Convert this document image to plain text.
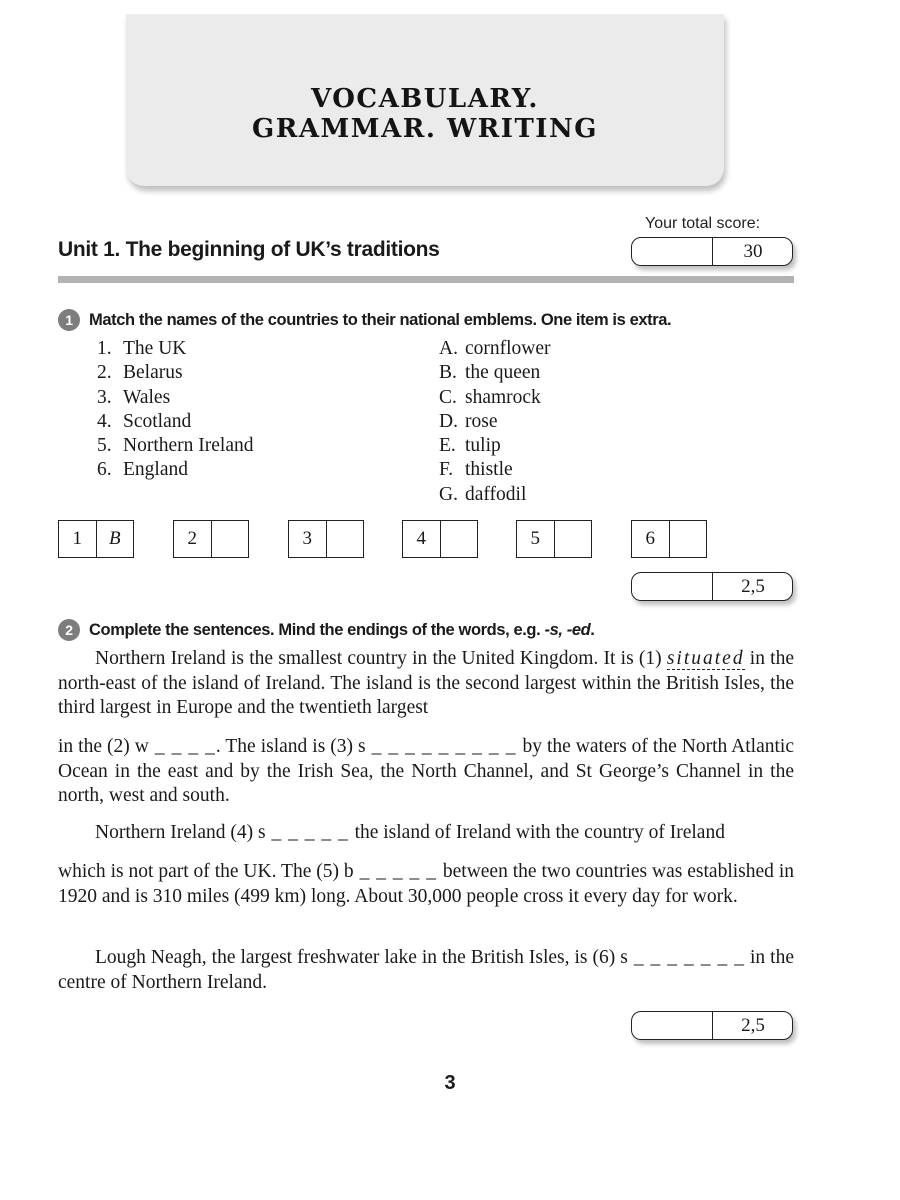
VOCABULARY.
GRAMMAR. WRITING
Unit 1. The beginning of UK’s traditions
Your total score:
30
1 Match the names of the countries to their national emblems. One item is extra.
1. The UK
2. Belarus
3. Wales
4. Scotland
5. Northern Ireland
6. England
A. cornflower
B. the queen
C. shamrock
D. rose
E. tulip
F. thistle
G. daffodil
1	B	2	3	4	5	6
2,5
2 Complete the sentences. Mind the endings of the words, e.g. -s, -ed.
Northern Ireland is the smallest country in the United Kingdom. It is (1) situated in the north-east of the island of Ireland. The island is the second largest within the British Isles, the third largest in Europe and the twentieth largest
in the (2) w _ _ _ _. The island is (3) s _ _ _ _ _ _ _ _ _ by the waters of the North Atlantic Ocean in the east and by the Irish Sea, the North Channel, and St George’s Channel in the north, west and south.
Northern Ireland (4) s _ _ _ _ _ the island of Ireland with the country of Ireland
which is not part of the UK. The (5) b _ _ _ _ _ between the two countries was established in 1920 and is 310 miles (499 km) long. About 30,000 people cross it every day for work.
Lough Neagh, the largest freshwater lake in the British Isles, is (6) s _ _ _ _ _ _ _ in the centre of Northern Ireland.
2,5
3
